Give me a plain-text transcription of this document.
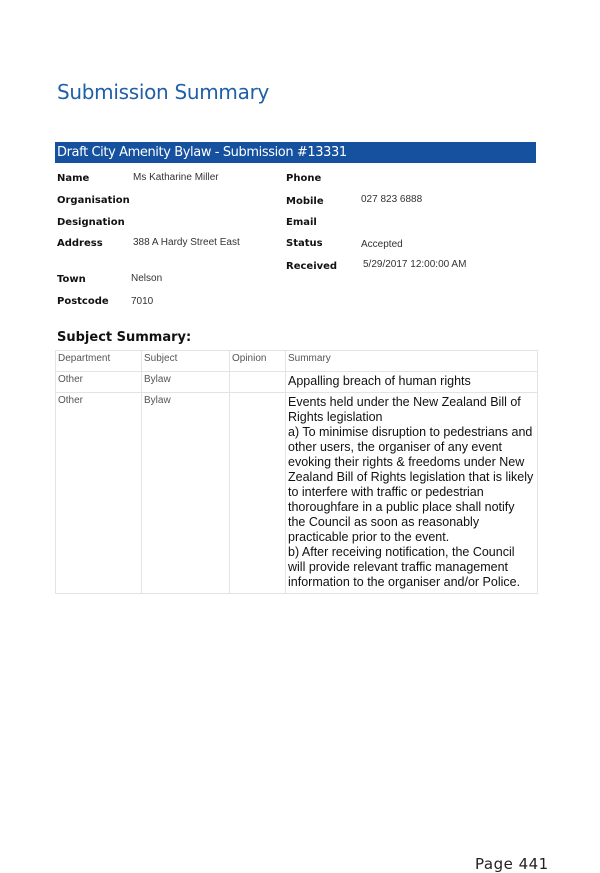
Submission Summary
Draft City Amenity Bylaw - Submission #13331
Name	Ms Katharine Miller
Organisation
Designation
Address	388 A Hardy Street East
Town	Nelson
Postcode 7010
Phone
Mobile	027 823 6888
Email
Status	Accepted
Received	5/29/2017 12:00:00 AM
Subject Summary:
Department	Subject	Opinion	Summary
Other	Bylaw		Appalling breach of human rights
Other	Bylaw		Events held under the New Zealand Bill of Rights legislation
a) To minimise disruption to pedestrians and other users, the organiser of any event evoking their rights & freedoms under New Zealand Bill of Rights legislation that is likely to interfere with traffic or pedestrian thoroughfare in a public place shall notify the Council as soon as reasonably practicable prior to the event.
b) After receiving notification, the Council will provide relevant traffic management information to the organiser and/or Police.
Page 441
